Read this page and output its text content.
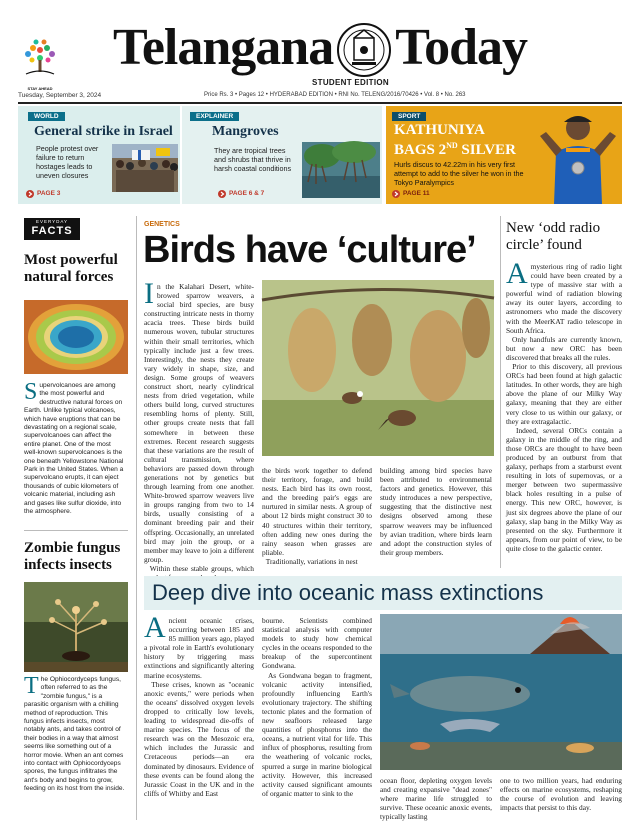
STAY AHEAD
Telangana Today
STUDENT EDITION
Tuesday, September 3, 2024	Price Rs. 3 • Pages 12 • HYDERABAD EDITION • RNI No. TELENG/2016/70426 • Vol. 8 • No. 263
WORLD
General strike in Israel
People protest over failure to return hostages leads to uneven closures
PAGE 3
EXPLAINER
Mangroves
They are tropical trees and shrubs that thrive in harsh coastal conditions
PAGE 6 & 7
SPORT
KATHUNIYA
BAGS 2ND SILVER
Hurls discus to 42.22m in his very first attempt to add to the silver he won in the Tokyo Paralympics
PAGE 11
EVERYDAY
FACTS
Most powerful natural forces
Supervolcanoes are among the most powerful and destructive natural forces on Earth. Unlike typical volcanoes, which have eruptions that can be devastating on a regional scale, supervolcanoes can affect the entire planet. One of the most well-known supervolcanoes is the one beneath Yellowstone National Park in the United States. When a supervolcano erupts, it can eject thousands of cubic kilometers of volcanic material, including ash and gases like sulfur dioxide, into the atmosphere.
Zombie fungus infects insects
The Ophiocordyceps fungus, often referred to as the "zombie fungus," is a parasitic organism with a chilling method of reproduction. This fungus infects insects, most notably ants, and takes control of their bodies in a way that almost seems like something out of a horror movie. When an ant comes into contact with Ophiocordyceps spores, the fungus infiltrates the ant's body and begins to grow, feeding on its host from the inside.
GENETICS
Birds have ‘culture’
In the Kalahari Desert, white-browed sparrow weavers, a social bird species, are busy constructing intricate nests in thorny acacia trees. These birds build numerous woven, tubular structures within their small territories, which typically include just a few trees. Interestingly, the nests they create vary widely in shape, size, and design. Some groups of weavers construct short, nearly cylindrical nests from dried vegetation, while others build long, curved structures resembling horns of plenty. Still, other groups create nests that fall somewhere in between these extremes. Recent research suggests that these variations are the result of cultural transmission, where behaviors are passed down through generations not by genetics but through learning from one another. White-browed sparrow weavers live in groups ranging from two to 14 birds, usually consisting of a dominant breeding pair and their offspring. Occasionally, an unrelated bird may join the group, or a member may leave to join a different group.
Within these stable groups, which
the birds work together to defend their territory, forage, and build nests. Each bird has its own roost, and the breeding pair's eggs are nurtured in similar nests. A group of about 12 birds might construct 30 to 40 structures within their territory, often adding new ones during the rainy season when grasses are pliable.
Traditionally, variations in nest
building among bird species have been attributed to environmental factors and genetics. However, this study introduces a new perspective, suggesting that the distinctive nest designs observed among these sparrow weavers may be influenced by avian tradition, where birds learn and adopt the construction styles of their group members.
New ‘odd radio circle’ found
A mysterious ring of radio light could have been created by a type of massive star with a powerful wind of radiation blowing away its outer layers, according to astronomers who made the discovery with the MeerKAT radio telescope in South Africa.
Only handfuls are currently known, but now a new ORC has been discovered that breaks all the rules.
Prior to this discovery, all previous ORCs had been found at high galactic latitudes. In other words, they are high above the plane of our Milky Way galaxy, meaning that they are either very close to us within our galaxy, or they are extragalactic.
Indeed, several ORCs contain a galaxy in the middle of the ring, and those ORCs are thought to have been produced by an outburst from that galaxy, perhaps from a starburst event resulting in lots of supernovas, or a merger between two supermassive black holes resulting in a pulse of energy. This new ORC, however, is just six degrees above the plane of our galaxy, slap bang in the Milky Way as presented on the sky. Furthermore it appears, from our point of view, to be quite close to the galactic center.
Deep dive into oceanic mass extinctions
Ancient oceanic crises, occurring between 185 and 85 million years ago, played a pivotal role in Earth's evolutionary history by triggering mass extinctions and significantly altering marine ecosystems.
These crises, known as "oceanic anoxic events," were periods when the oceans' dissolved oxygen levels dropped to critically low levels, leading to widespread die-offs of marine species. The focus of the research was on the Mesozoic era, which includes the Jurassic and Cretaceous periods—an era dominated by dinosaurs. Evidence of these events can be found along the Jurassic Coast in the UK and in the cliffs of Whitby and East
bourne. Scientists combined statistical analysis with computer models to study how chemical cycles in the oceans responded to the breakup of the supercontinent Gondwana.
As Gondwana began to fragment, volcanic activity intensified, profoundly influencing Earth's evolutionary trajectory. The shifting tectonic plates and the formation of new seafloors released large quantities of phosphorus into the oceans, a nutrient vital for life. This influx of phosphorus, resulting from the weathering of volcanic rocks, spurred a surge in marine biological activity. However, this increased activity caused significant amounts of organic matter to sink to the
ocean floor, depleting oxygen levels and creating expansive "dead zones" where marine life struggled to survive. These oceanic anoxic events, typically lasting
one to two million years, had enduring effects on marine ecosystems, reshaping the course of evolution and leaving impacts that persist to this day.
